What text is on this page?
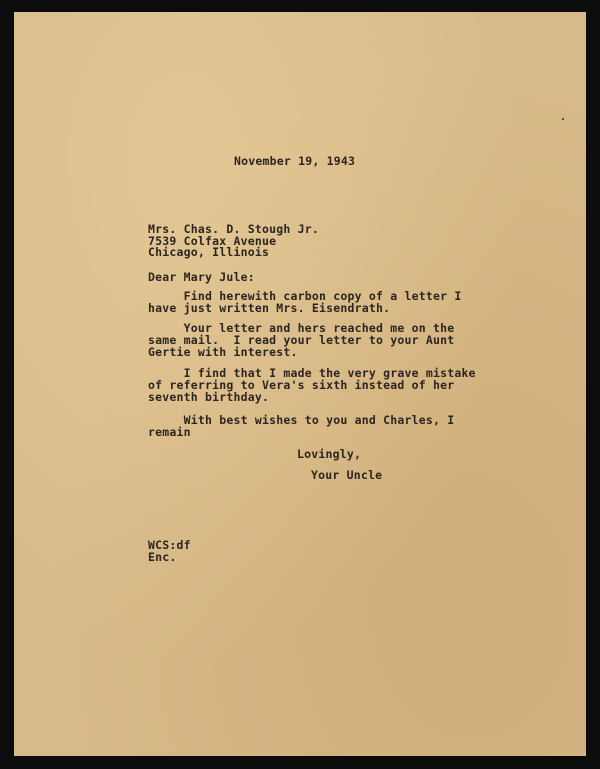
November 19, 1943
Mrs. Chas. D. Stough Jr.
7539 Colfax Avenue
Chicago, Illinois
Dear Mary Jule:
Find herewith carbon copy of a letter I
have just written Mrs. Eisendrath.
Your letter and hers reached me on the
same mail.  I read your letter to your Aunt
Gertie with interest.
I find that I made the very grave mistake
of referring to Vera's sixth instead of her
seventh birthday.
With best wishes to you and Charles, I
remain
Lovingly,
Your Uncle
WCS:df
Enc.
